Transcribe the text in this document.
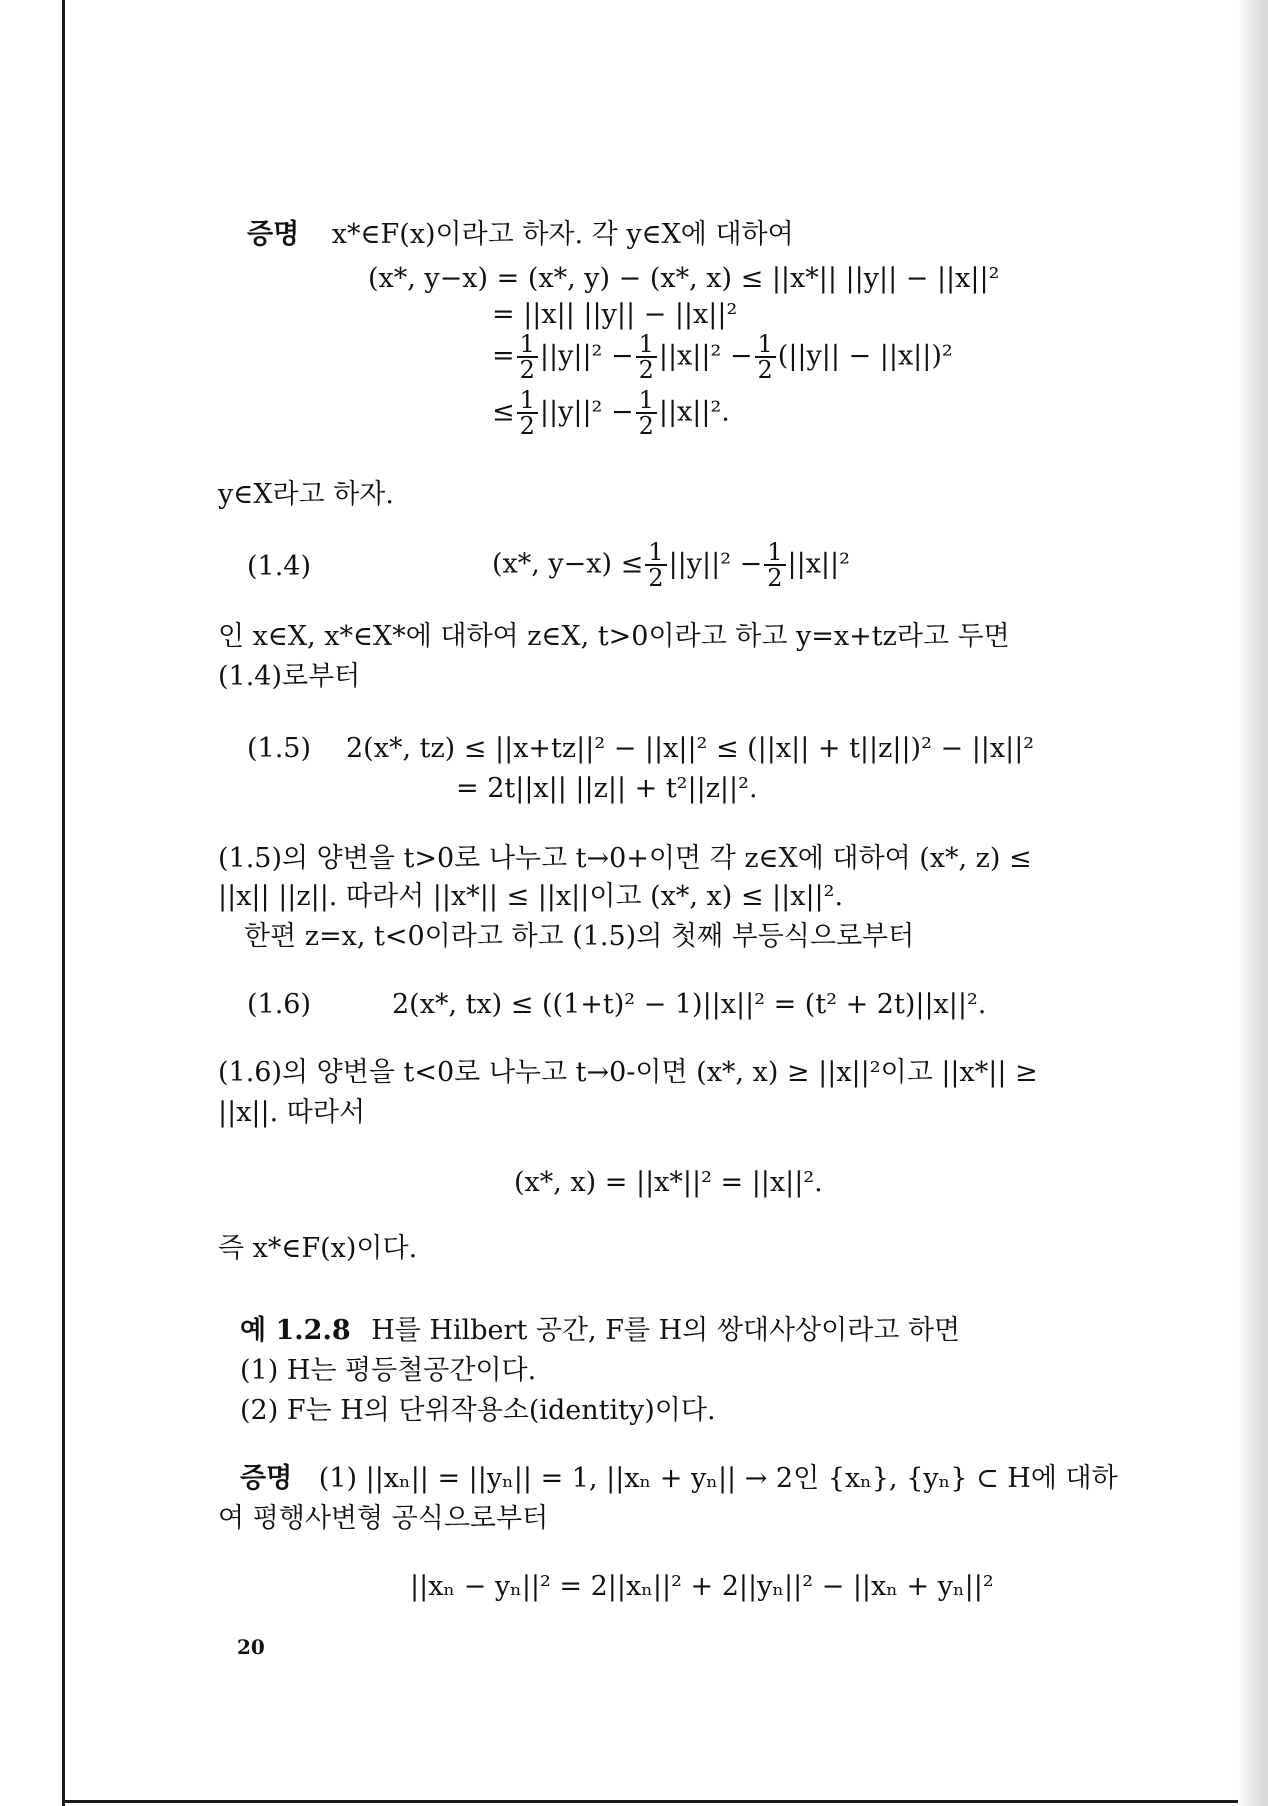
증명 x*∈F(x)이라고 하자. 각 y∈X에 대하여
(x*, y−x) = (x*, y) − (x*, x) ≤ ||x*|| ||y|| − ||x||²
= ||x|| ||y|| − ||x||²
= $\frac{1}{2} ||y||^2 - \frac{1}{2} ||x||^2 - \frac{1}{2} (||y|| - ||x||)^2$
≤ $\frac{1}{2} ||y||^2 - \frac{1}{2} ||x||^2$.
y∈X라고 하자.
(1.4)	(x*, $y-x) \le \frac{1}{2} ||y||^2 - \frac{1}{2} ||x||^2$
인 x∈X, x*∈X*에 대하여 z∈X, t>0이라고 하고 y=x+tz라고 두면
(1.4)로부터
(1.5) 2(x*, tz) ≤ ||x+tz||² − ||x||² ≤ (||x|| + t||z||)² − ||x||²
= 2t||x|| ||z|| + t²||z||².
(1.5)의 양변을 t>0로 나누고 t→0+이면 각 z∈X에 대하여 (x*, z) ≤
||x|| ||z||. 따라서 ||x*|| ≤ ||x||이고 (x*, x) ≤ ||x||².
한편 z=x, t<0이라고 하고 (1.5)의 첫째 부등식으로부터
(1.6)	2(x*, tx) ≤ ((1+t)² − 1)||x||² = (t² + 2t)||x||².
(1.6)의 양변을 t<0로 나누고 t→0-이면 (x*, x) ≥ ||x||²이고 ||x*|| ≥
||x||. 따라서
(x*, x) = ||x*||² = ||x||².
즉 x*∈F(x)이다.
예 1.2.8 H를 Hilbert 공간, F를 H의 쌍대사상이라고 하면
(1) H는 평등철공간이다.
(2) F는 H의 단위작용소(identity)이다.
증명 (1) ||xₙ|| = ||yₙ|| = 1, ||xₙ + yₙ|| → 2인 {xₙ}, {yₙ} ⊂ H에 대하
여 평행사변형 공식으로부터
||xₙ − yₙ||² = 2||xₙ||² + 2||yₙ||² − ||xₙ + yₙ||²
20
